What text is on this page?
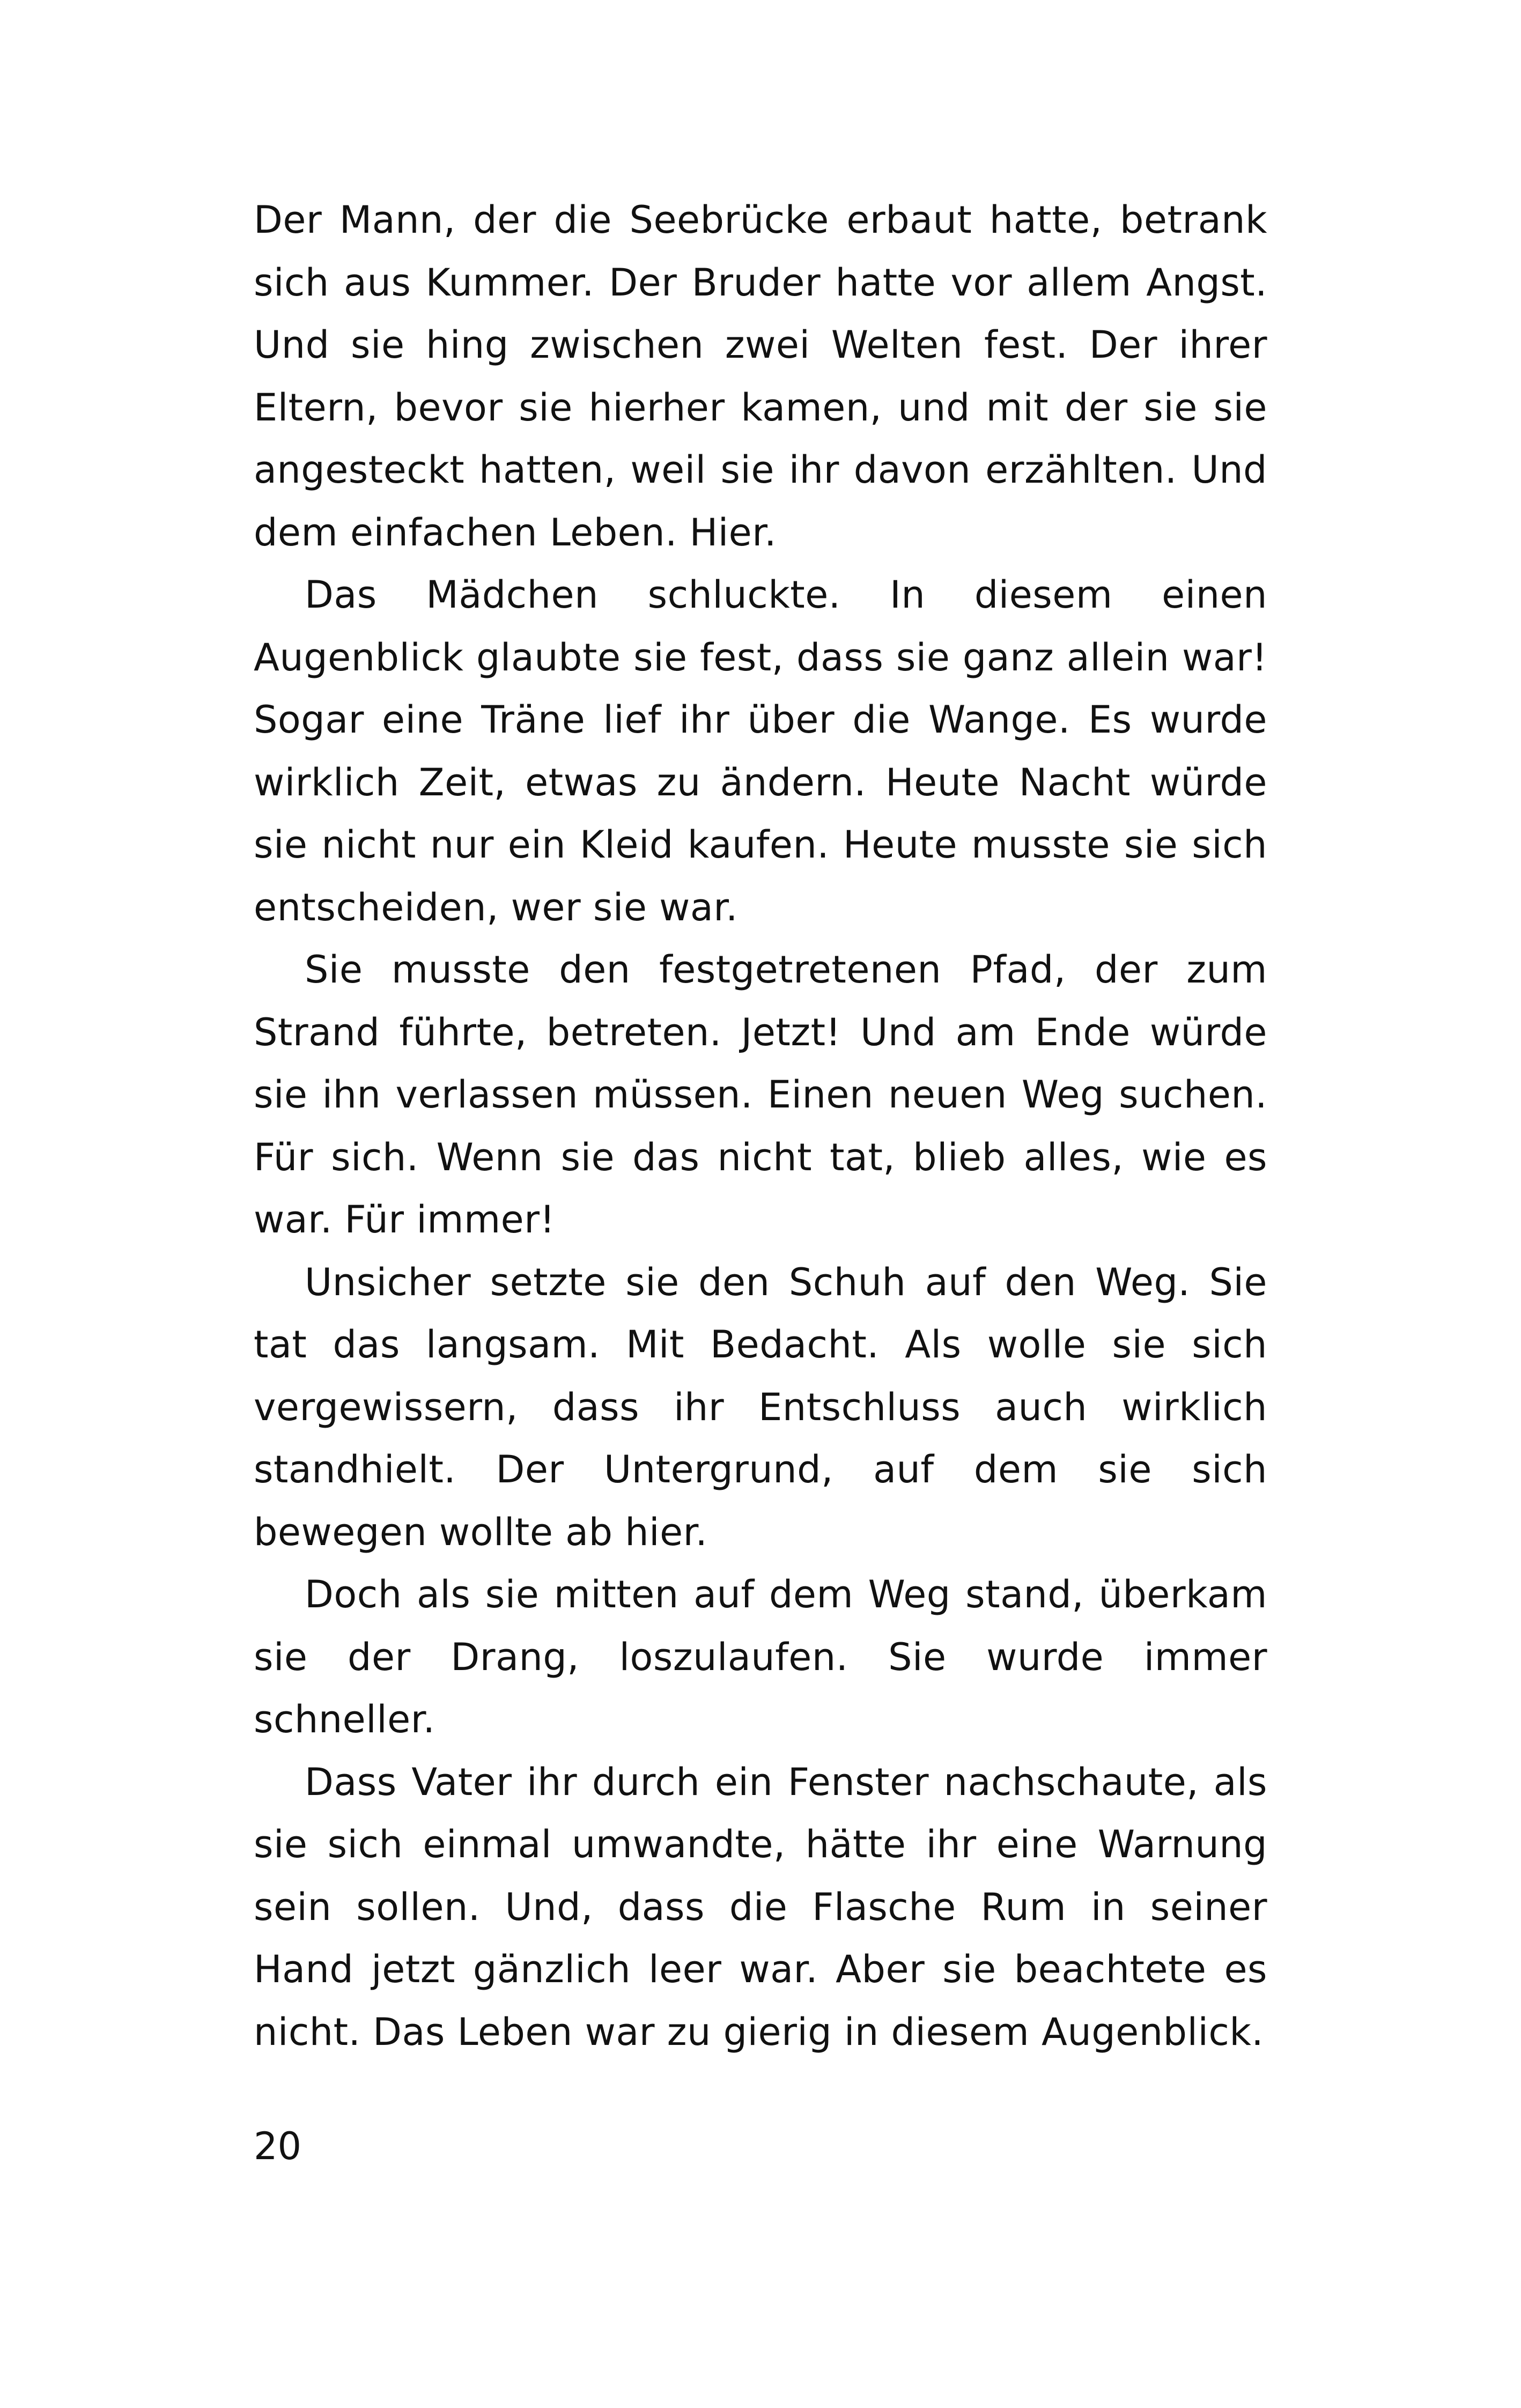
Der Mann, der die Seebrücke erbaut hatte, betrank sich aus Kummer. Der Bruder hatte vor allem Angst. Und sie hing zwischen zwei Welten fest. Der ihrer Eltern, bevor sie hierher kamen, und mit der sie sie angesteckt hatten, weil sie ihr davon erzählten. Und dem einfachen Leben. Hier.

Das Mädchen schluckte. In diesem einen Augenblick glaubte sie fest, dass sie ganz allein war! Sogar eine Träne lief ihr über die Wange. Es wurde wirklich Zeit, etwas zu ändern. Heute Nacht würde sie nicht nur ein Kleid kaufen. Heute musste sie sich entscheiden, wer sie war.

Sie musste den festgetretenen Pfad, der zum Strand führte, betreten. Jetzt! Und am Ende würde sie ihn verlassen müssen. Einen neuen Weg suchen. Für sich. Wenn sie das nicht tat, blieb alles, wie es war. Für immer!

Unsicher setzte sie den Schuh auf den Weg. Sie tat das langsam. Mit Bedacht. Als wolle sie sich vergewissern, dass ihr Entschluss auch wirklich standhielt. Der Untergrund, auf dem sie sich bewegen wollte ab hier.

Doch als sie mitten auf dem Weg stand, überkam sie der Drang, loszulaufen. Sie wurde immer schneller.

Dass Vater ihr durch ein Fenster nachschaute, als sie sich einmal umwandte, hätte ihr eine Warnung sein sollen. Und, dass die Flasche Rum in seiner Hand jetzt gänzlich leer war. Aber sie beachtete es nicht. Das Leben war zu gierig in diesem Augenblick.

20
